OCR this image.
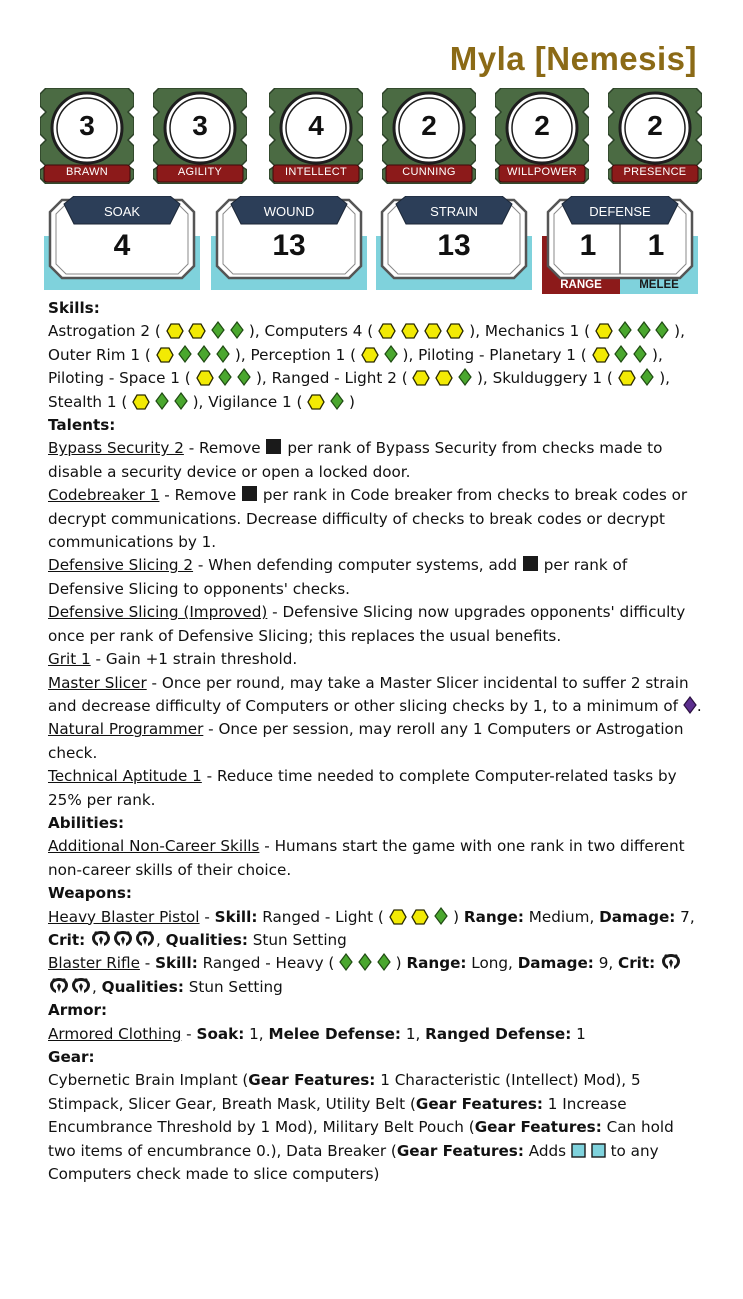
Myla [Nemesis]
3
BRAWN
3
AGILITY
4
INTELLECT
2
CUNNING
2
WILLPOWER
2
PRESENCE
SOAK
4
WOUND
13
STRAIN
13
DEFENSE
1	1
RANGE	MELEE

Skills:

Astrogation 2 (	), Computers 4 (	), Mechanics 1 (	), Outer Rim 1 (	), Perception 1 (   ), Piloting - Planetary 1 (	), Piloting - Space 1 (	), Ranged - Light 2 (	), Skulduggery 1 (   ), Stealth 1 (	), Vigilance 1 (   )

Talents:

Bypass Security 2 - Remove per rank of Bypass Security from checks made to disable a security device or open a locked door.

Codebreaker 1 - Remove per rank in Code breaker from checks to break codes or decrypt communications. Decrease difficulty of checks to break codes or decrypt communications by 1.

Defensive Slicing 2 - When defending computer systems, add per rank of Defensive Slicing to opponents' checks.

Defensive Slicing (Improved) - Defensive Slicing now upgrades opponents' difficulty once per rank of Defensive Slicing; this replaces the usual benefits.

Grit 1 - Gain +1 strain threshold.

Master Slicer - Once per round, may take a Master Slicer incidental to suffer 2 strain and decrease difficulty of Computers or other slicing checks by 1, to a minimum of .

Natural Programmer - Once per session, may reroll any 1 Computers or Astrogation check.

Technical Aptitude 1 - Reduce time needed to complete Computer-related tasks by 25% per rank.

Abilities:

Additional Non-Career Skills - Humans start the game with one rank in two different non-career skills of their choice.

Weapons:

Heavy Blaster Pistol - Skill: Ranged - Light (	) Range: Medium, Damage: 7, Crit:	, Qualities: Stun Setting

Blaster Rifle - Skill: Ranged - Heavy (	) Range: Long, Damage: 9, Crit: , Qualities: Stun Setting

Armor:

Armored Clothing - Soak: 1, Melee Defense: 1, Ranged Defense: 1

Gear:

Cybernetic Brain Implant (Gear Features: 1 Characteristic (Intellect) Mod), 5 Stimpack, Slicer Gear, Breath Mask, Utility Belt (Gear Features: 1 Increase Encumbrance Threshold by 1 Mod), Military Belt Pouch (Gear Features: Can hold two items of encumbrance 0.), Data Breaker (Gear Features: Adds	to any Computers check made to slice computers)
